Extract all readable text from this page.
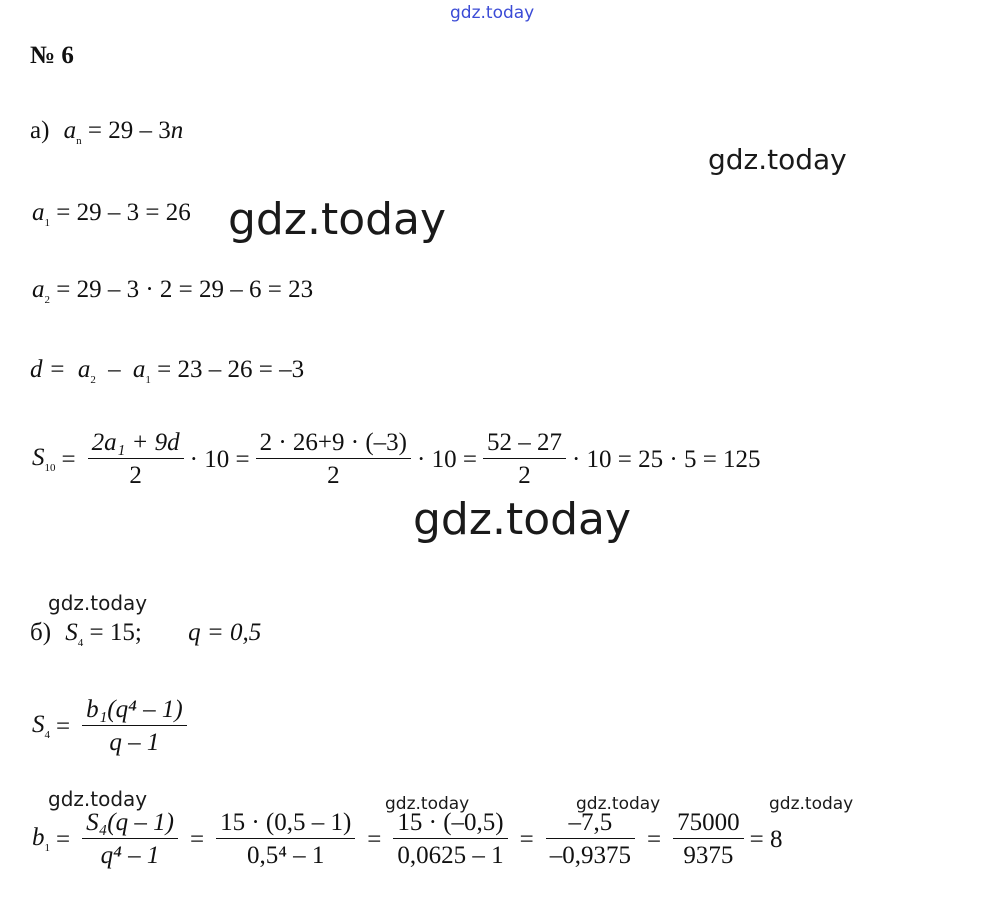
gdz.today
gdz.today
gdz.today
gdz.today
gdz.today
gdz.today	gdz.today	gdz.today	gdz.today
№ 6
а) $a_n = 29 - 3n$
$a_1 = 29 - 3 = 26$
$a_2 = 29 - 3 \cdot 2 = 29 - 6 = 23$
$d = a_2 - a_1 = 23 - 26 = -3$
$S_{10} = \frac{\text{2a₁ + 9d}}{2} \cdot 10 = \frac{2 \cdot 26+9 \cdot (-3)}{2} \cdot 10 = \frac{52 - 27}{2} \cdot 10 = 25 \cdot 5 = 125$
б) $S_4 = 15$; q = 0,5
$S_4 = \frac{\text{b₁(q⁴ – 1)}}{q - 1}$
$b_1 = \frac{\text{S₄(q – 1)}}{\text{q⁴ – 1}} = \frac{15 \cdot (0,5 - 1)}{\text{0,5⁴ – 1}} = \frac{15 \cdot (-0,5)}{0,0625 - 1} = \frac{-7,5}{-0,9375} = \frac{75000}{9375} = 8$
